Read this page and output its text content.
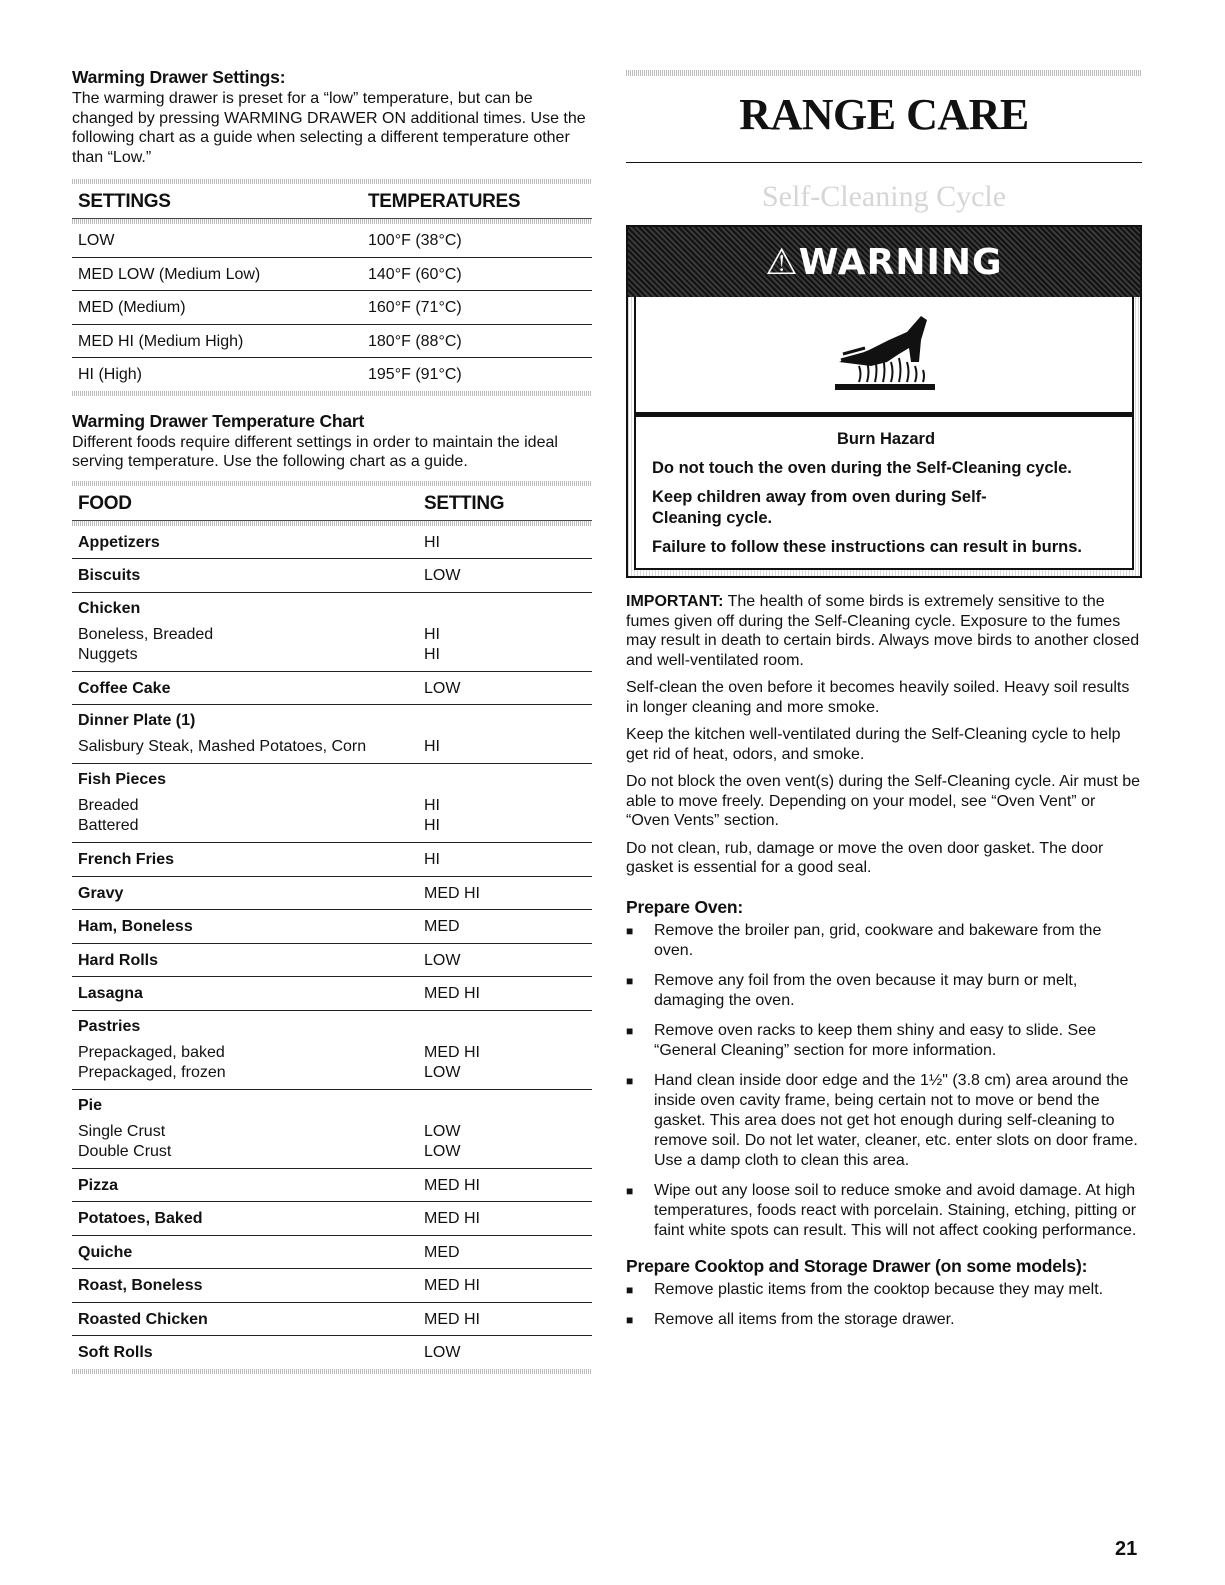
Warming Drawer Settings:

The warming drawer is preset for a “low” temperature, but can be changed by pressing WARMING DRAWER ON additional times. Use the following chart as a guide when selecting a different temperature other than “Low.”

SETTINGS	TEMPERATURES
LOW	100°F (38°C)
MED LOW (Medium Low)	140°F (60°C)
MED (Medium)	160°F (71°C)
MED HI (Medium High)	180°F (88°C)
HI (High)	195°F (91°C)
Warming Drawer Temperature Chart

Different foods require different settings in order to maintain the ideal serving temperature. Use the following chart as a guide.

FOOD	SETTING
Appetizers	HI
Biscuits	LOW
Chicken
Boneless, Breaded	HI
Nuggets	HI
Coffee Cake	LOW
Dinner Plate (1)
Salisbury Steak, Mashed Potatoes, Corn	HI
Fish Pieces
Breaded	HI
Battered	HI
French Fries	HI
Gravy	MED HI
Ham, Boneless	MED
Hard Rolls	LOW
Lasagna	MED HI
Pastries
Prepackaged, baked	MED HI
Prepackaged, frozen	LOW
Pie
Single Crust	LOW
Double Crust	LOW
Pizza	MED HI
Potatoes, Baked	MED HI
Quiche	MED
Roast, Boneless	MED HI
Roasted Chicken	MED HI
Soft Rolls	LOW
RANGE CARE
Self-Cleaning Cycle
⚠WARNING
Burn Hazard
Do not touch the oven during the Self-Cleaning cycle.
Keep children away from oven during Self-Cleaning cycle.
Failure to follow these instructions can result in burns.

IMPORTANT: The health of some birds is extremely sensitive to the fumes given off during the Self-Cleaning cycle. Exposure to the fumes may result in death to certain birds. Always move birds to another closed and well-ventilated room.

Self-clean the oven before it becomes heavily soiled. Heavy soil results in longer cleaning and more smoke.

Keep the kitchen well-ventilated during the Self-Cleaning cycle to help get rid of heat, odors, and smoke.

Do not block the oven vent(s) during the Self-Cleaning cycle. Air must be able to move freely. Depending on your model, see “Oven Vent” or “Oven Vents” section.

Do not clean, rub, damage or move the oven door gasket. The door gasket is essential for a good seal.

Prepare Oven:
■	Remove the broiler pan, grid, cookware and bakeware from the oven.
■	Remove any foil from the oven because it may burn or melt, damaging the oven.
■	Remove oven racks to keep them shiny and easy to slide. See “General Cleaning” section for more information.
■	Hand clean inside door edge and the 1½" (3.8 cm) area around the inside oven cavity frame, being certain not to move or bend the gasket. This area does not get hot enough during self-cleaning to remove soil. Do not let water, cleaner, etc. enter slots on door frame. Use a damp cloth to clean this area.
■	Wipe out any loose soil to reduce smoke and avoid damage. At high temperatures, foods react with porcelain. Staining, etching, pitting or faint white spots can result. This will not affect cooking performance.
Prepare Cooktop and Storage Drawer (on some models):
■	Remove plastic items from the cooktop because they may melt.
■	Remove all items from the storage drawer.
21
